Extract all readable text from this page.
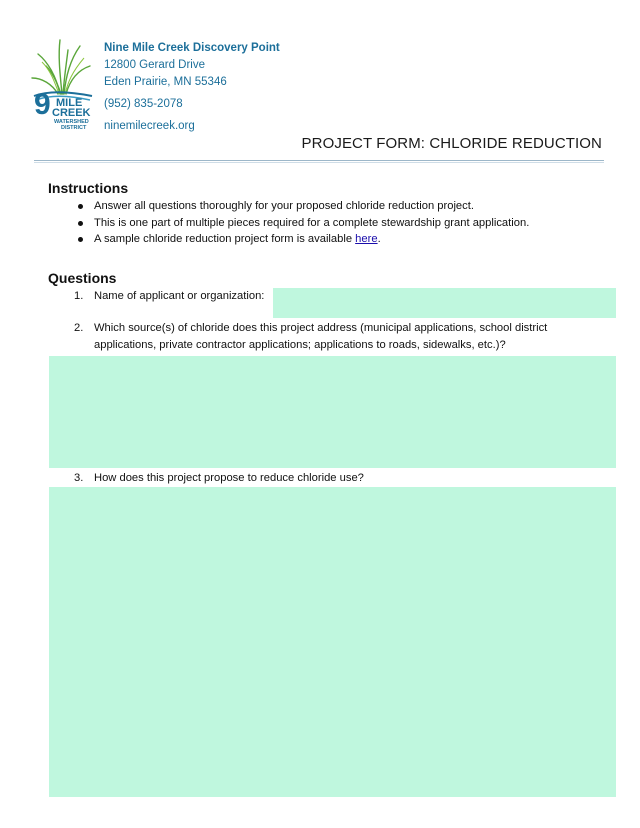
9 MILE
CREEK
WATERSHED
DISTRICT
Nine Mile Creek Discovery Point
12800 Gerard Drive
Eden Prairie, MN 55346
(952) 835-2078
ninemilecreek.org
PROJECT FORM: CHLORIDE REDUCTION
Instructions
Answer all questions thoroughly for your proposed chloride reduction project.
This is one part of multiple pieces required for a complete stewardship grant application.
A sample chloride reduction project form is available here.
Questions
1. Name of applicant or organization:
2. Which source(s) of chloride does this project address (municipal applications, school district
applications, private contractor applications; applications to roads, sidewalks, etc.)?
3. How does this project propose to reduce chloride use?
